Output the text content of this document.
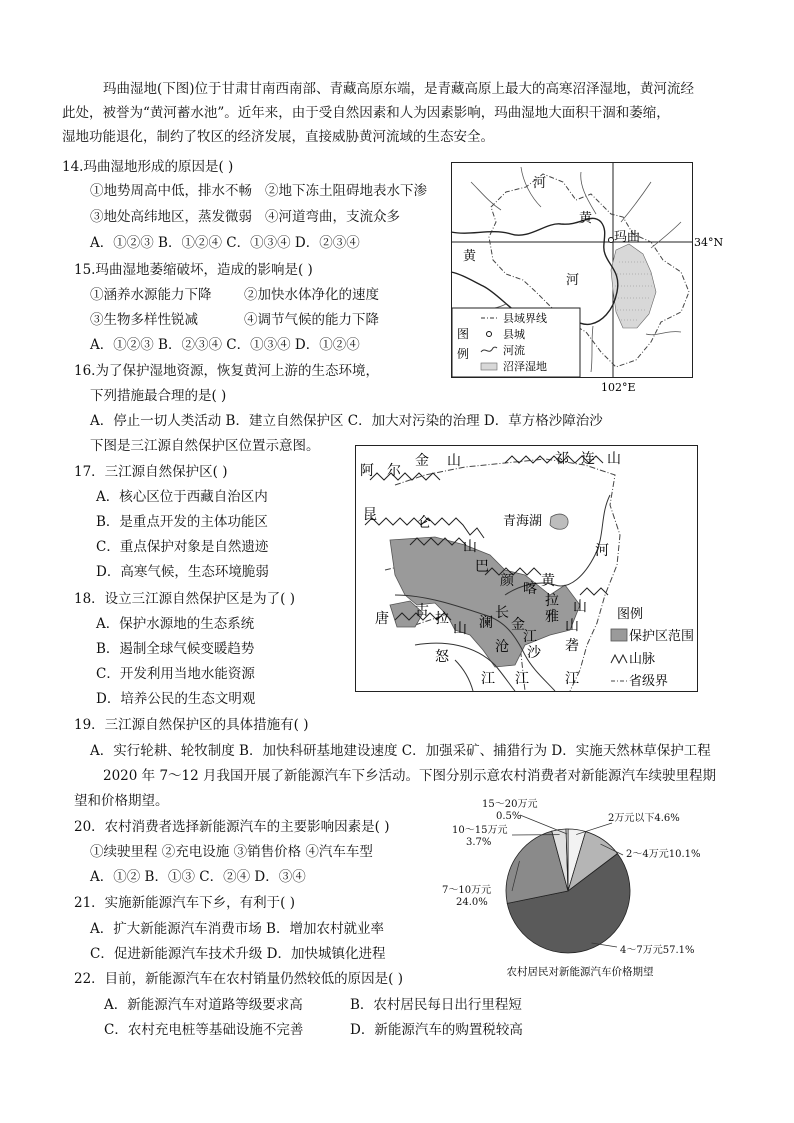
玛曲湿地(下图)位于甘肃甘南西南部、青藏高原东端，是青藏高原上最大的高寒沼泽湿地，黄河流经
此处，被誉为“黄河蓄水池”。近年来，由于受自然因素和人为因素影响，玛曲湿地大面积干涸和萎缩，
湿地功能退化，制约了牧区的经济发展，直接威胁黄河流域的生态安全。
14.玛曲湿地形成的原因是( )
①地势周高中低，排水不畅 ②地下冻土阻碍地表水下渗
③地处高纬地区，蒸发微弱 ④河道弯曲，支流众多
A．①②③ B．①②④ C．①③④ D．②③④
15.玛曲湿地萎缩破坏，造成的影响是( )
①涵养水源能力下降 ②加快水体净化的速度
③生物多样性锐减	④调节气候的能力下降
A．①②③ B．②③④ C．①③④ D．①②④
16.为了保护湿地资源，恢复黄河上游的生态环境，
下列措施最合理的是( )
A．停止一切人类活动 B．建立自然保护区 C．加大对污染的治理 D．草方格沙障治沙
河
黄
玛曲
黄
河
34°N
102°E
图
例
县域界线
县城
河流
沼泽湿地
下图是三江源自然保护区位置示意图。
17．三江源自然保护区( )
A．核心区位于西藏自治区内
B．是重点开发的主体功能区
C．重点保护对象是自然遗迹
D．高寒气候，生态环境脆弱
18．设立三江源自然保护区是为了( )
A．保护水源地的生态系统
B．遏制全球气候变暖趋势
C．开发利用当地水能资源
D．培养公民的生态文明观
阿 尔
金 山	祁 连 山
昆	仑
山
青海湖
河
巴
颜 喀
拉
黄
唐 古 拉
山 澜
长
江
沧
怒
江 江	江
雅
砻
山
山
金
沙
图例
保护区范围
山脉
省级界
19．三江源自然保护区的具体措施有( )
A．实行轮耕、轮牧制度 B．加快科研基地建设速度 C．加强采矿、捕猎行为 D．实施天然林草保护工程
2020 年 7～12 月我国开展了新能源汽车下乡活动。下图分别示意农村消费者对新能源汽车续驶里程期
望和价格期望。
20．农村消费者选择新能源汽车的主要影响因素是( )
①续驶里程 ②充电设施 ③销售价格 ④汽车车型
A．①② B．①③ C．②④ D．③④
21．实施新能源汽车下乡，有利于( )
A．扩大新能源汽车消费市场 B．增加农村就业率
C．促进新能源汽车技术升级 D．加快城镇化进程
22．目前，新能源汽车在农村销量仍然较低的原因是( )
A．新能源汽车对道路等级要求高	B．农村居民每日出行里程短
C．农村充电桩等基础设施不完善	D．新能源汽车的购置税较高
2万元以下4.6%
2～4万元10.1%
4～7万元57.1%
7～10万元 24.0%
10～15万元 3.7%
15～20万元 0.5%
农村居民对新能源汽车价格期望
